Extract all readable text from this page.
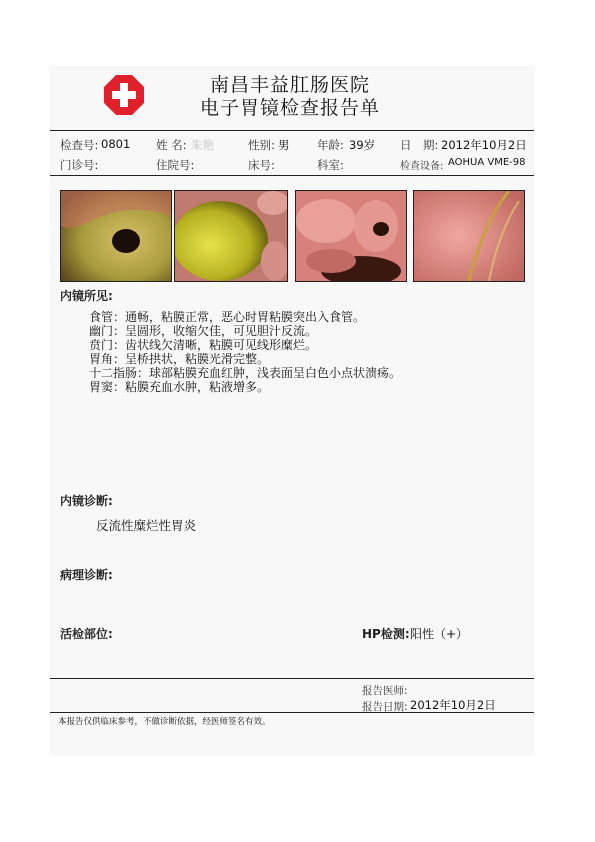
南昌丰益肛肠医院
电子胃镜检查报告单
检查号: 0801 姓 名: 朱艳	性别: 男 年龄: 39岁 日　期: 2012年10月2日
门诊号:	住院号:	床号:	科室:	检查设备: AOHUA VME-98
内镜所见:
食管：通畅，粘膜正常，恶心时胃粘膜突出入食管。
幽门：呈圆形，收缩欠佳，可见胆汁反流。
贲门：齿状线欠清晰，粘膜可见线形糜烂。
胃角：呈桥拱状，粘膜光滑完整。
十二指肠：球部粘膜充血红肿，浅表面呈白色小点状溃疡。
胃窦：粘膜充血水肿，粘液增多。
内镜诊断:
反流性糜烂性胃炎
病理诊断:
活检部位:	HP检测: 阳性（+）
报告医师:
报告日期: 2012年10月2日
本报告仅供临床参考，不做诊断依据，经医师签名有效。
